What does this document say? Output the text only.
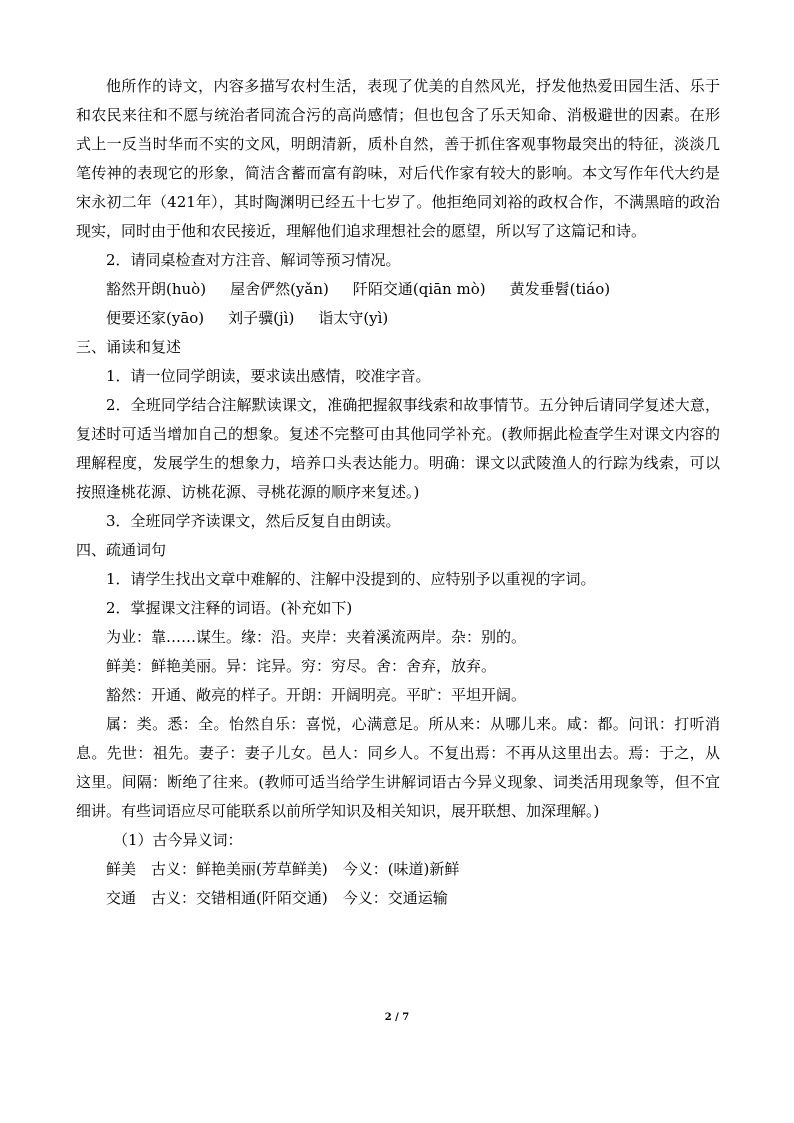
他所作的诗文，内容多描写农村生活，表现了优美的自然风光，抒发他热爱田园生活、乐于和农民来往和不愿与统治者同流合污的高尚感情；但也包含了乐天知命、消极避世的因素。在形式上一反当时华而不实的文风，明朗清新，质朴自然，善于抓住客观事物最突出的特征，淡淡几笔传神的表现它的形象，简洁含蓄而富有韵味，对后代作家有较大的影响。本文写作年代大约是宋永初二年（421年），其时陶渊明已经五十七岁了。他拒绝同刘裕的政权合作，不满黑暗的政治现实，同时由于他和农民接近，理解他们追求理想社会的愿望，所以写了这篇记和诗。

2．请同桌检查对方注音、解词等预习情况。

豁然开朗(huò) 屋舍俨然(yǎn) 阡陌交通(qiān mò) 黄发垂髫(tiáo)
便要还家(yāo) 刘子骥(jì) 诣太守(yì)

三、诵读和复述

1．请一位同学朗读，要求读出感情，咬准字音。

2．全班同学结合注解默读课文，准确把握叙事线索和故事情节。五分钟后请同学复述大意，复述时可适当增加自己的想象。复述不完整可由其他同学补充。(教师据此检查学生对课文内容的理解程度，发展学生的想象力，培养口头表达能力。明确：课文以武陵渔人的行踪为线索，可以按照逢桃花源、访桃花源、寻桃花源的顺序来复述。)

3．全班同学齐读课文，然后反复自由朗读。

四、疏通词句

1．请学生找出文章中难解的、注解中没提到的、应特别予以重视的字词。

2．掌握课文注释的词语。(补充如下)

为业：靠……谋生。缘：沿。夹岸：夹着溪流两岸。杂：别的。

鲜美：鲜艳美丽。异：诧异。穷：穷尽。舍：舍弃，放弃。

豁然：开通、敞亮的样子。开朗：开阔明亮。平旷：平坦开阔。

属：类。悉：全。怡然自乐：喜悦，心满意足。所从来：从哪儿来。咸：都。问讯：打听消息。先世：祖先。妻子：妻子儿女。邑人：同乡人。不复出焉：不再从这里出去。焉：于之，从这里。间隔：断绝了往来。(教师可适当给学生讲解词语古今异义现象、词类活用现象等，但不宜细讲。有些词语应尽可能联系以前所学知识及相关知识，展开联想、加深理解。)

（1）古今异义词：

鲜美　古义：鲜艳美丽(芳草鲜美)　今义：(味道)新鲜

交通　古义：交错相通(阡陌交通)　今义：交通运输

2 / 7
